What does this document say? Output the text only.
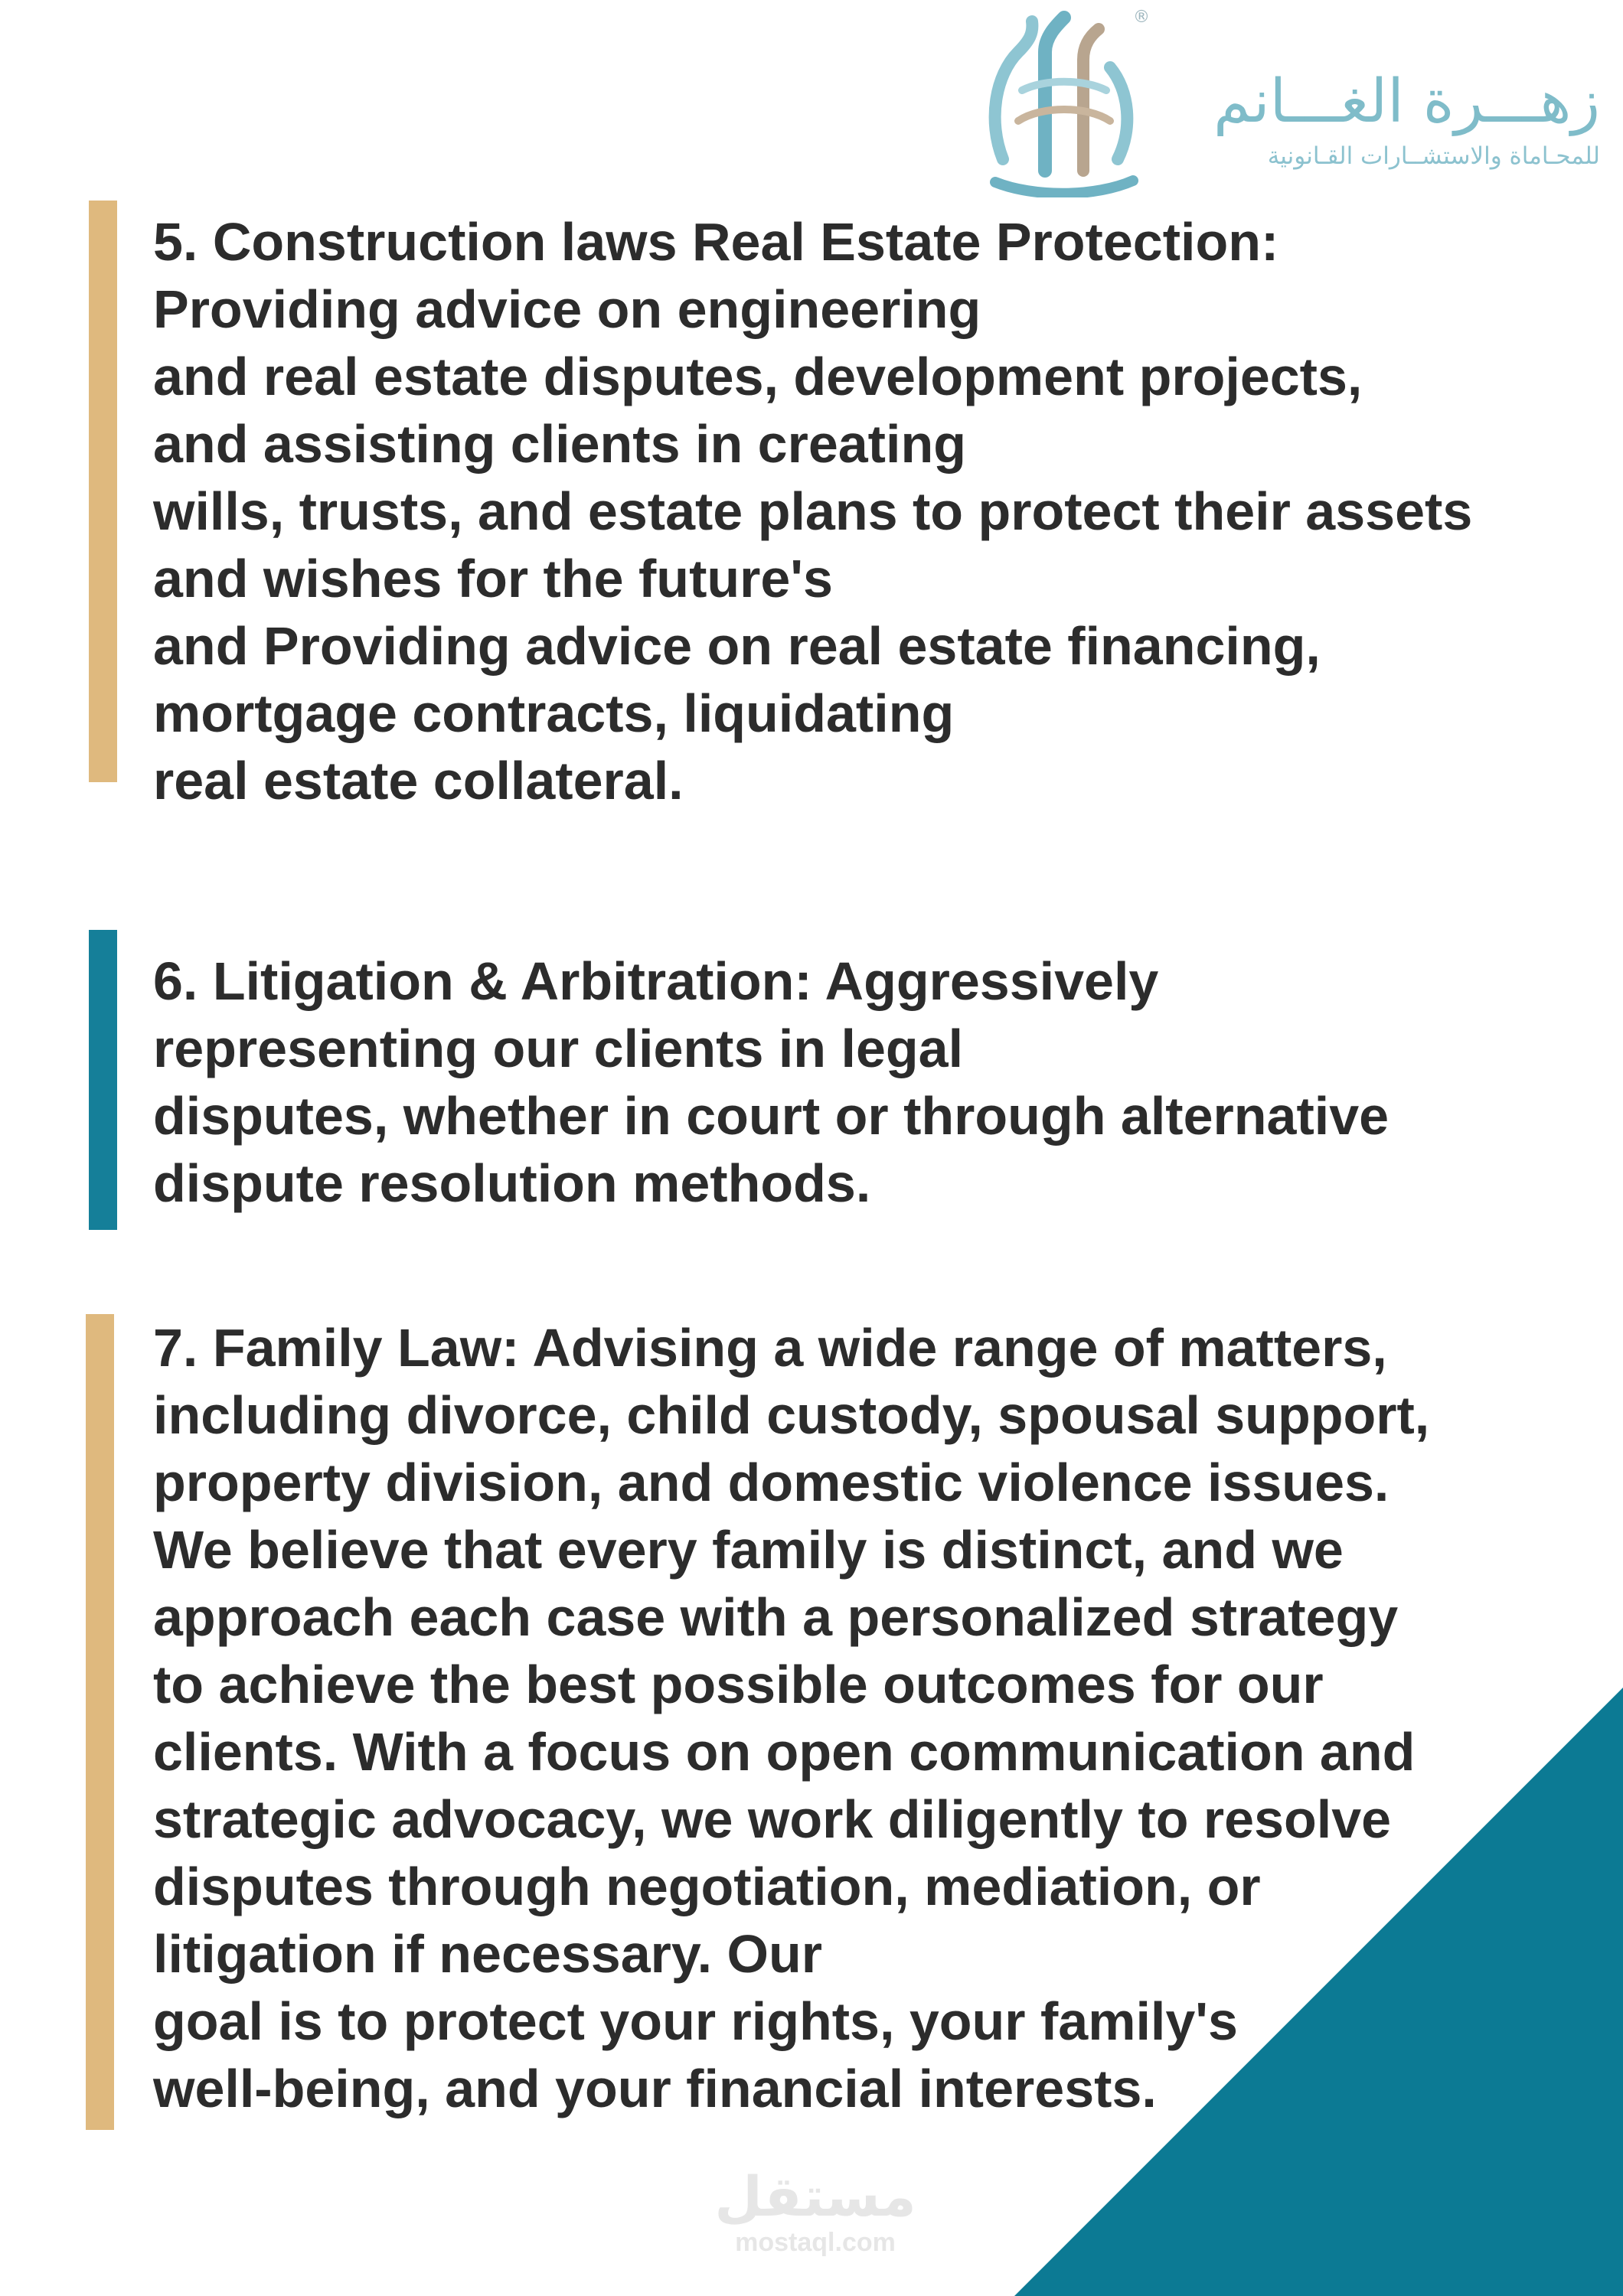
®
زهـــرة الغـــانم
للمحـاماة والاستشــارات القـانونية
5. Construction laws Real Estate Protection:
Providing advice on engineering
and real estate disputes, development projects,
and assisting clients in creating
wills, trusts, and estate plans to protect their assets
and wishes for the future's
and Providing advice on real estate financing,
mortgage contracts, liquidating
real estate collateral.
6. Litigation & Arbitration: Aggressively
representing our clients in legal
disputes, whether in court or through alternative
dispute resolution methods.
7. Family Law: Advising a wide range of matters,
including divorce, child custody, spousal support,
property division, and domestic violence issues.
We believe that every family is distinct, and we
approach each case with a personalized strategy
to achieve the best possible outcomes for our
clients. With a focus on open communication and
strategic advocacy, we work diligently to resolve
disputes through negotiation, mediation, or
litigation if necessary. Our
goal is to protect your rights, your family's
well-being, and your financial interests.
مستقل
mostaql.com
